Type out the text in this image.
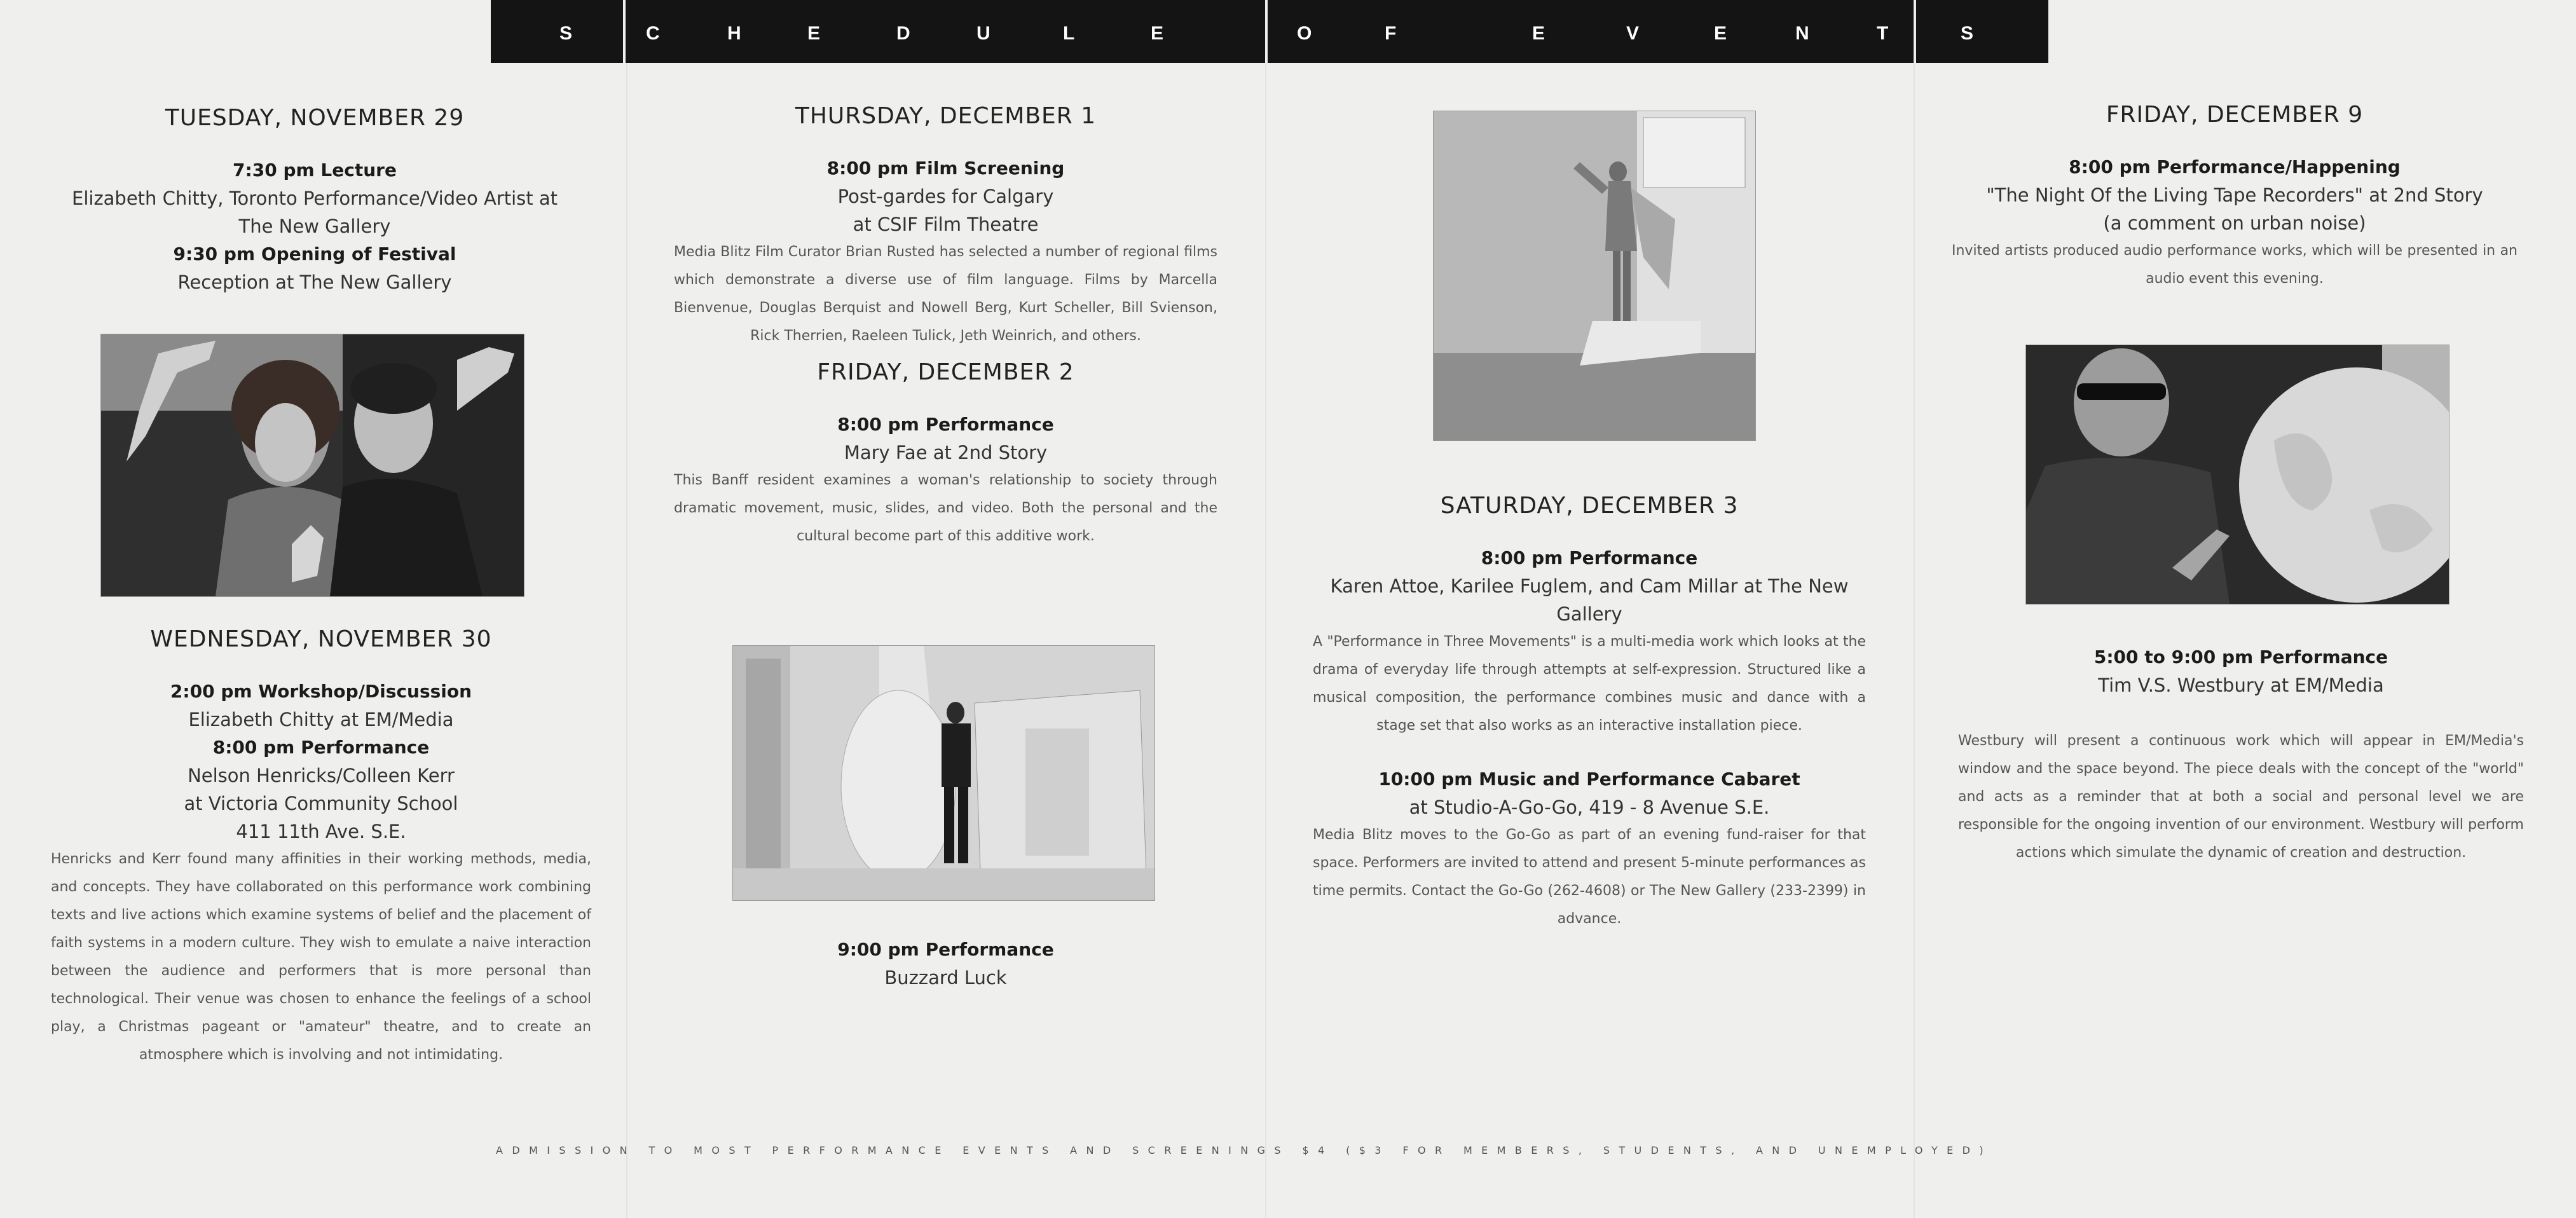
S	C	H	E	D	U	L	E	O	F	E	V	E	N	T	S

TUESDAY, NOVEMBER 29

7:30 pm Lecture

Elizabeth Chitty, Toronto Performance/Video Artist at

The New Gallery

9:30 pm Opening of Festival

Reception at The New Gallery

WEDNESDAY, NOVEMBER 30

2:00 pm Workshop/Discussion

Elizabeth Chitty at EM/Media

8:00 pm Performance

Nelson Henricks/Colleen Kerr

at Victoria Community School

411 11th Ave. S.E.

Henricks and Kerr found many affinities in their working methods, media, and concepts. They have collaborated on this performance work combining texts and live actions which examine systems of belief and the placement of faith systems in a modern culture. They wish to emulate a naive interaction between the audience and performers that is more personal than technological. Their venue was chosen to enhance the feelings of a school play, a Christmas pageant or "amateur" theatre, and to create an atmosphere which is involving and not intimidating.

THURSDAY, DECEMBER 1

8:00 pm Film Screening

Post-gardes for Calgary

at CSIF Film Theatre

Media Blitz Film Curator Brian Rusted has selected a number of regional films which demonstrate a diverse use of film language. Films by Marcella Bienvenue, Douglas Berquist and Nowell Berg, Kurt Scheller, Bill Svienson, Rick Therrien, Raeleen Tulick, Jeth Weinrich, and others.

FRIDAY, DECEMBER 2

8:00 pm Performance

Mary Fae at 2nd Story

This Banff resident examines a woman's relationship to society through dramatic movement, music, slides, and video. Both the personal and the cultural become part of this additive work.

9:00 pm Performance

Buzzard Luck

SATURDAY, DECEMBER 3

8:00 pm Performance

Karen Attoe, Karilee Fuglem, and Cam Millar at The New

Gallery

A "Performance in Three Movements" is a multi-media work which looks at the drama of everyday life through attempts at self-expression. Structured like a musical composition, the performance combines music and dance with a stage set that also works as an interactive installation piece.

10:00 pm Music and Performance Cabaret

at Studio-A-Go-Go, 419 - 8 Avenue S.E.

Media Blitz moves to the Go-Go as part of an evening fund-raiser for that space. Performers are invited to attend and present 5-minute performances as time permits. Contact the Go-Go (262-4608) or The New Gallery (233-2399) in advance.

FRIDAY, DECEMBER 9

8:00 pm Performance/Happening

"The Night Of the Living Tape Recorders" at 2nd Story

(a comment on urban noise)

Invited artists produced audio performance works, which will be presented in an audio event this evening.

5:00 to 9:00 pm Performance

Tim V.S. Westbury at EM/Media

Westbury will present a continuous work which will appear in EM/Media's window and the space beyond. The piece deals with the concept of the "world" and acts as a reminder that at both a social and personal level we are responsible for the ongoing invention of our environment. Westbury will perform actions which simulate the dynamic of creation and destruction.

ADMISSION TO MOST PERFORMANCE EVENTS AND SCREENINGS $4 ($3 FOR MEMBERS, STUDENTS, AND UNEMPLOYED)
